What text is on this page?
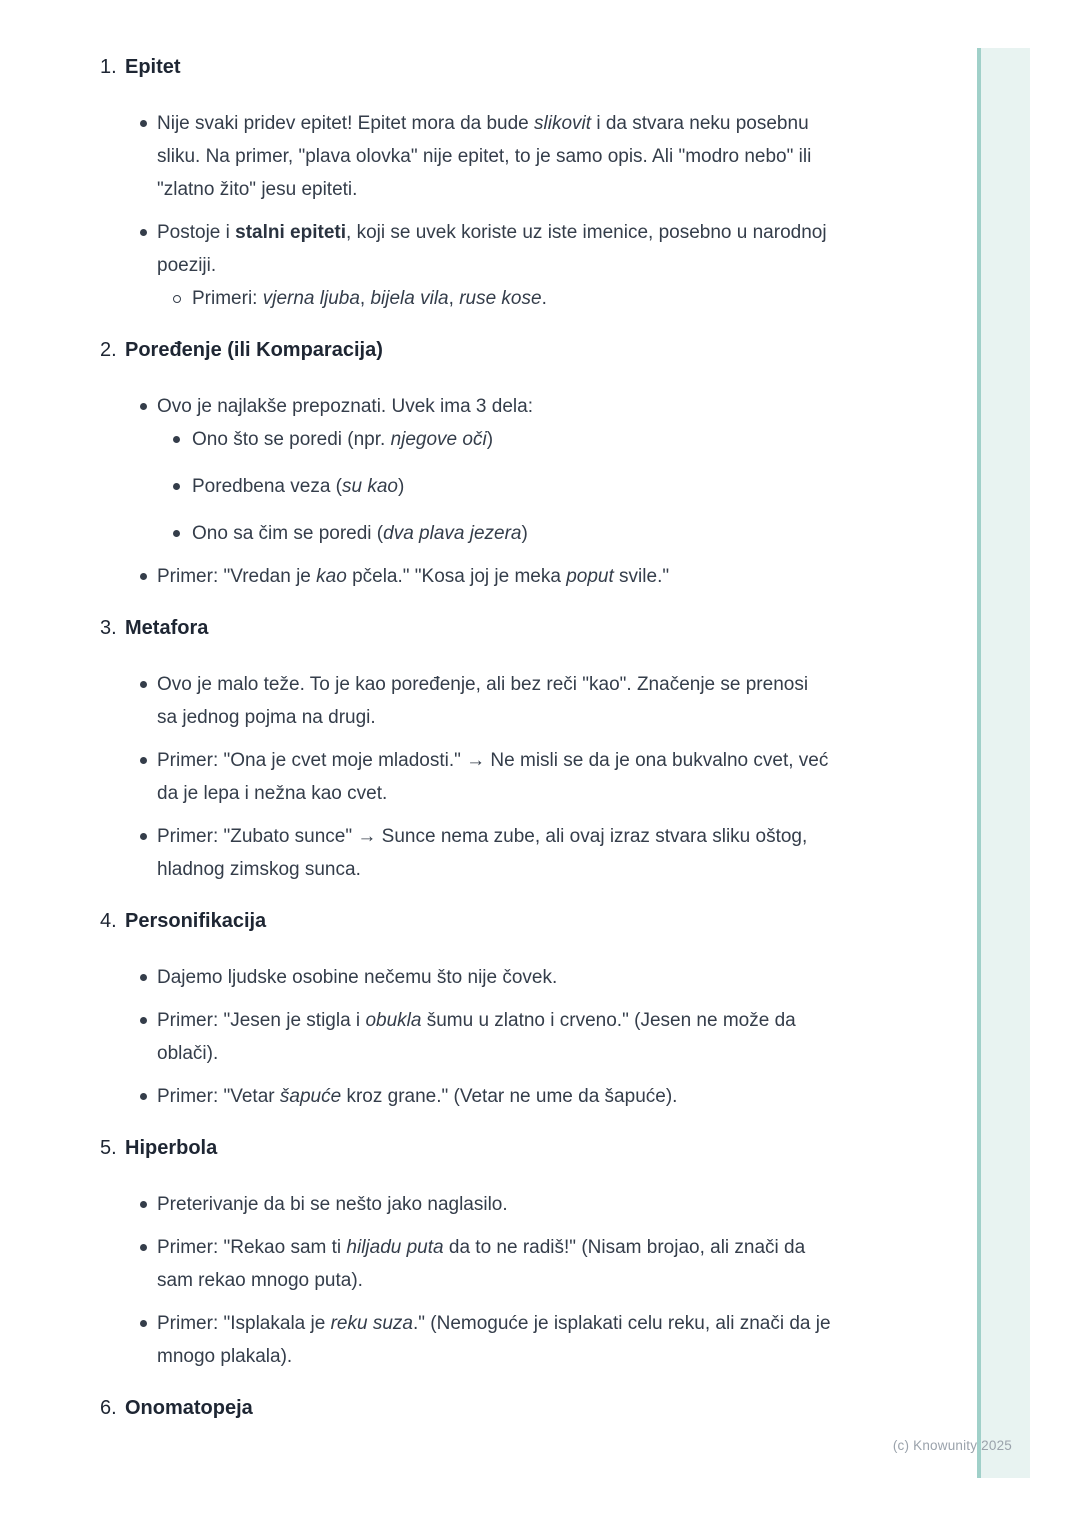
1. Epitet
Nije svaki pridev epitet! Epitet mora da bude slikovit i da stvara neku posebnu sliku. Na primer, "plava olovka" nije epitet, to je samo opis. Ali "modro nebo" ili "zlatno žito" jesu epiteti.
Postoje i stalni epiteti, koji se uvek koriste uz iste imenice, posebno u narodnoj poeziji.
Primeri: vjerna ljuba, bijela vila, ruse kose.
2. Poređenje (ili Komparacija)
Ovo je najlakše prepoznati. Uvek ima 3 dela:
Ono što se poredi (npr. njegove oči)
Poredbena veza (su kao)
Ono sa čim se poredi (dva plava jezera)
Primer: "Vredan je kao pčela." "Kosa joj je meka poput svile."
3. Metafora
Ovo je malo teže. To je kao poređenje, ali bez reči "kao". Značenje se prenosi sa jednog pojma na drugi.
Primer: "Ona je cvet moje mladosti." → Ne misli se da je ona bukvalno cvet, već da je lepa i nežna kao cvet.
Primer: "Zubato sunce" → Sunce nema zube, ali ovaj izraz stvara sliku oštog, hladnog zimskog sunca.
4. Personifikacija
Dajemo ljudske osobine nečemu što nije čovek.
Primer: "Jesen je stigla i obukla šumu u zlatno i crveno." (Jesen ne može da oblači).
Primer: "Vetar šapuće kroz grane." (Vetar ne ume da šapuće).
5. Hiperbola
Preterivanje da bi se nešto jako naglasilo.
Primer: "Rekao sam ti hiljadu puta da to ne radiš!" (Nisam brojao, ali znači da sam rekao mnogo puta).
Primer: "Isplakala je reku suza." (Nemoguće je isplakati celu reku, ali znači da je mnogo plakala).
6. Onomatopeja
(c) Knowunity 2025
